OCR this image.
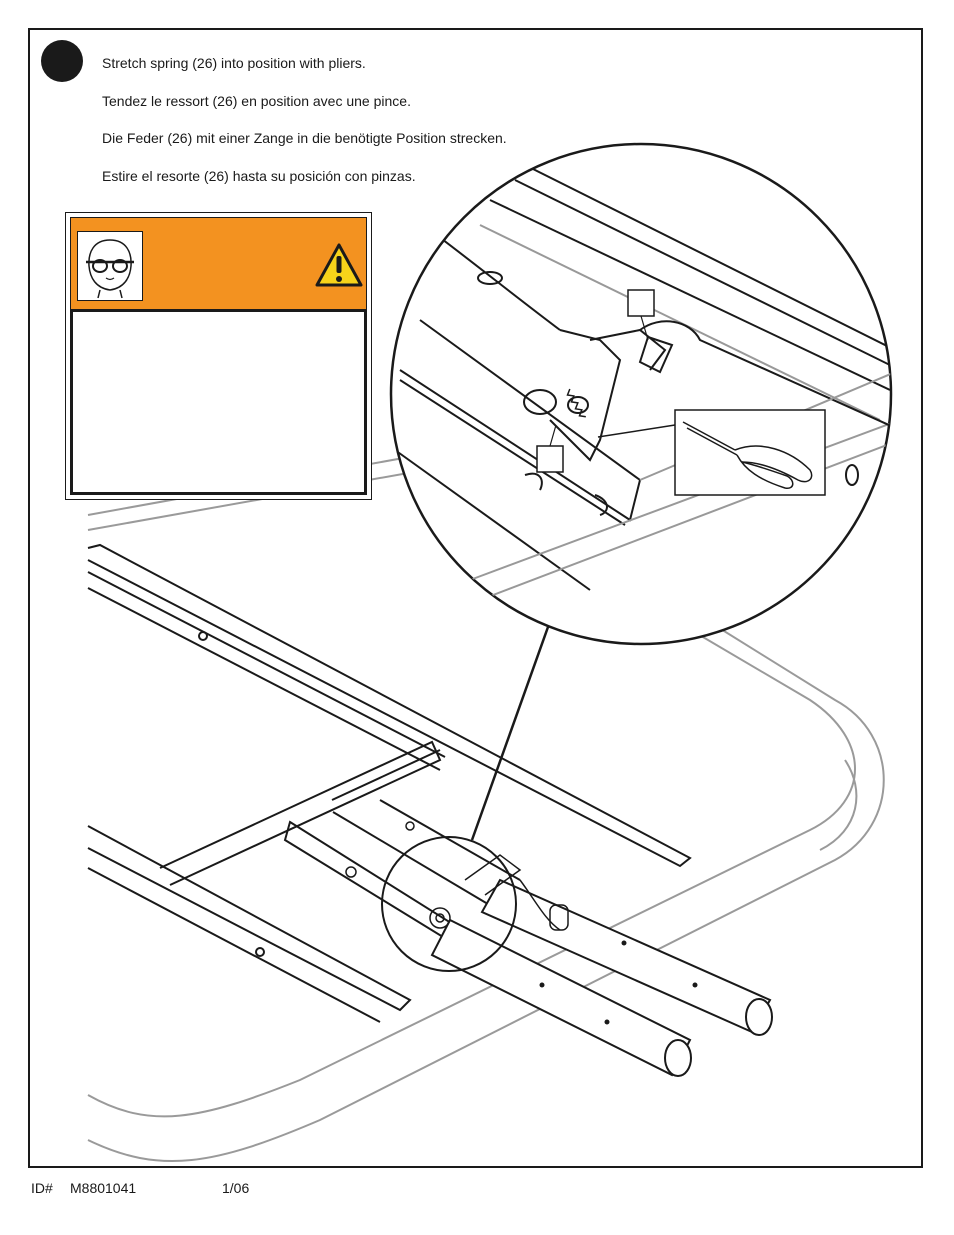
Stretch spring (26) into position with pliers.
Tendez le ressort (26) en position avec une pince.
Die Feder (26) mit einer Zange in die benötigte Position strecken.
Estire el resorte (26) hasta su posición con pinzas.
ID# M8801041	1/06
